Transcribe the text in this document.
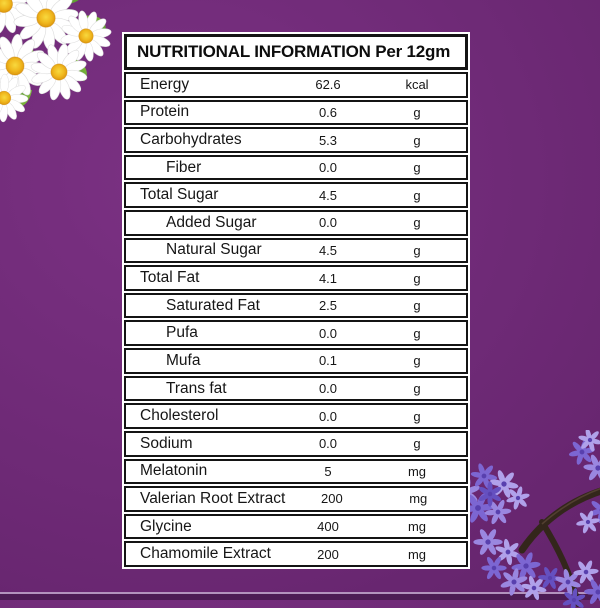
NUTRITIONAL INFORMATION Per 12gm
Energy	62.6	kcal
Protein	0.6	g
Carbohydrates	5.3	g
Fiber	0.0	g
Total Sugar	4.5	g
Added Sugar	0.0	g
Natural Sugar	4.5	g
Total Fat	4.1	g
Saturated Fat	2.5	g
Pufa	0.0	g
Mufa	0.1	g
Trans fat	0.0	g
Cholesterol	0.0	g
Sodium	0.0	g
Melatonin	5	mg
Valerian Root Extract	200	mg
Glycine	400	mg
Chamomile Extract	200	mg
